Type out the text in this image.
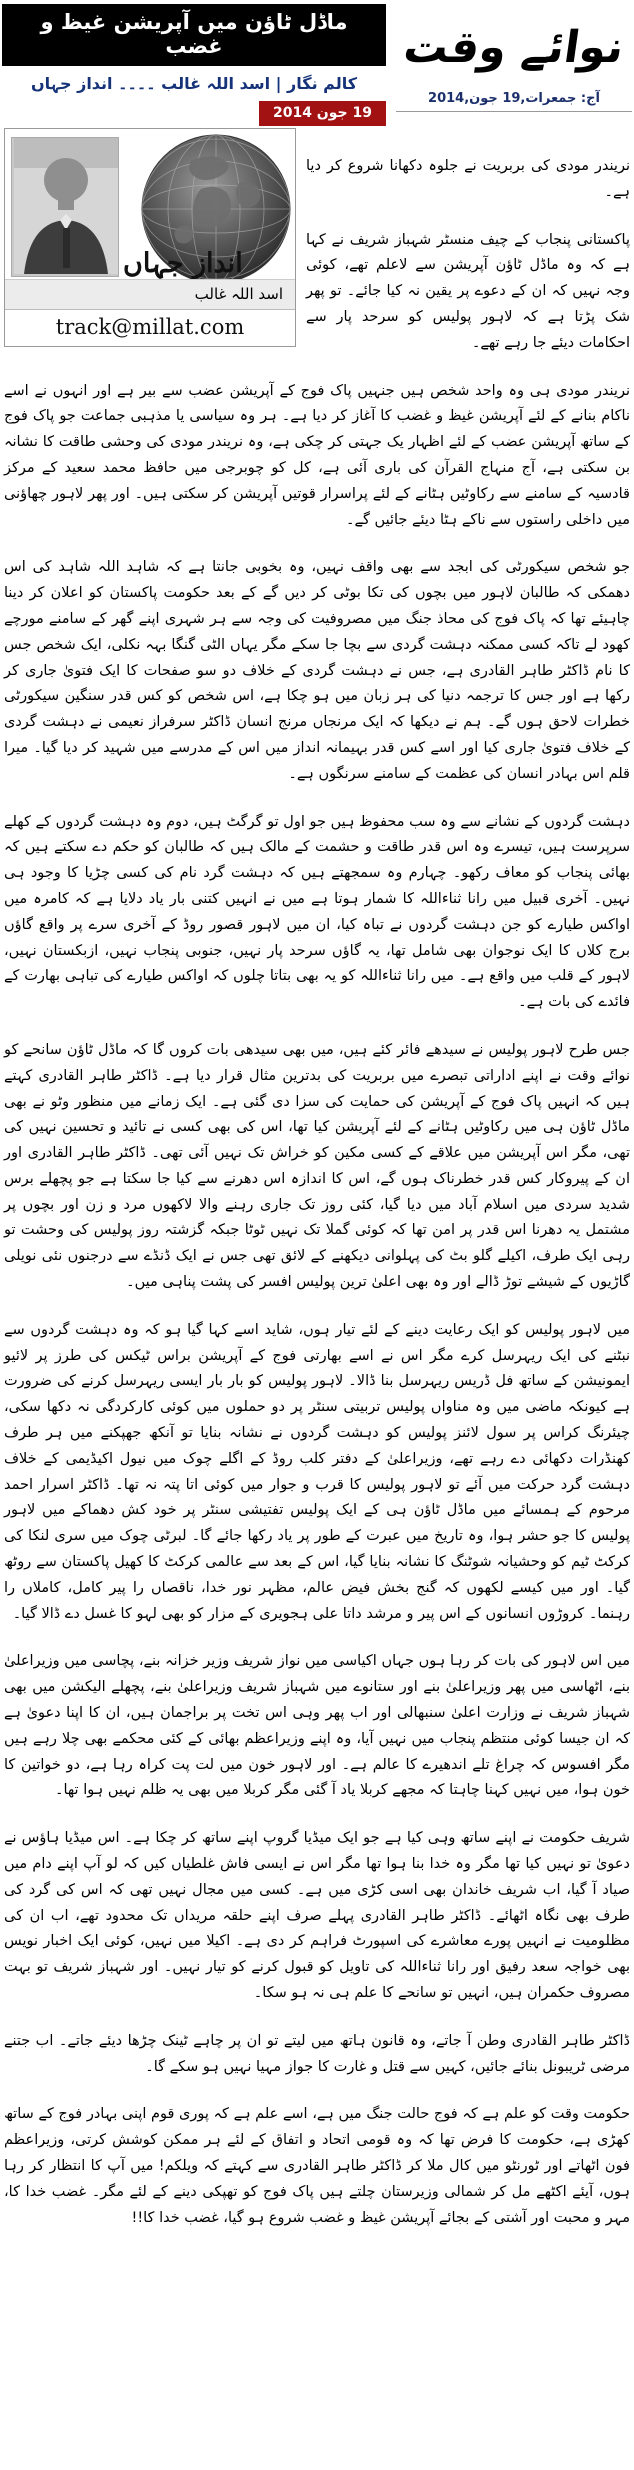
ماڈل ٹاؤن میں آپریشن غیظ و غضب
کالم نگار | اسد اللہ غالب ۔۔۔۔ انداز جہاں
19 جون 2014
نوائے وقت
آج: جمعرات,19 جون,2014
انداز جہاں
اسد اللہ غالب
track@millat.com

نریندر مودی کی بربریت نے جلوہ دکھانا شروع کر دیا ہے۔

پاکستانی پنجاب کے چیف منسٹر شہباز شریف نے کہا ہے کہ وہ ماڈل ٹاؤن آپریشن سے لاعلم تھے، کوئی وجہ نہیں کہ ان کے دعوے پر یقین نہ کیا جائے۔ تو پھر شک پڑتا ہے کہ لاہور پولیس کو سرحد پار سے احکامات دیئے جا رہے تھے۔

نریندر مودی ہی وہ واحد شخص ہیں جنہیں پاک فوج کے آپریشن عضب سے بیر ہے اور انہوں نے اسے ناکام بنانے کے لئے آپریشن غیظ و غضب کا آغاز کر دیا ہے۔ ہر وہ سیاسی یا مذہبی جماعت جو پاک فوج کے ساتھ آپریشن عضب کے لئے اظہار یک جہتی کر چکی ہے، وہ نریندر مودی کی وحشی طاقت کا نشانہ بن سکتی ہے، آج منہاج القرآن کی باری آئی ہے، کل کو چوبرجی میں حافظ محمد سعید کے مرکز قادسیہ کے سامنے سے رکاوٹیں ہٹانے کے لئے پراسرار قوتیں آپریشن کر سکتی ہیں۔ اور پھر لاہور چھاؤنی میں داخلی راستوں سے ناکے ہٹا دیئے جائیں گے۔

جو شخص سیکورٹی کی ابجد سے بھی واقف نہیں، وہ بخوبی جانتا ہے کہ شاہد اللہ شاہد کی اس دھمکی کہ طالبان لاہور میں بچوں کی تکا بوٹی کر دیں گے کے بعد حکومت پاکستان کو اعلان کر دینا چاہیئے تھا کہ پاک فوج کی محاذ جنگ میں مصروفیت کی وجہ سے ہر شہری اپنے گھر کے سامنے مورچے کھود لے تاکہ کسی ممکنہ دہشت گردی سے بچا جا سکے مگر یہاں الٹی گنگا بہہ نکلی، ایک شخص جس کا نام ڈاکٹر طاہر القادری ہے، جس نے دہشت گردی کے خلاف دو سو صفحات کا ایک فتویٰ جاری کر رکھا ہے اور جس کا ترجمہ دنیا کی ہر زبان میں ہو چکا ہے، اس شخص کو کس قدر سنگین سیکورٹی خطرات لاحق ہوں گے۔ ہم نے دیکھا کہ ایک مرنجاں مرنج انسان ڈاکٹر سرفراز نعیمی نے دہشت گردی کے خلاف فتویٰ جاری کیا اور اسے کس قدر بہیمانہ انداز میں اس کے مدرسے میں شہید کر دیا گیا۔ میرا قلم اس بہادر انسان کی عظمت کے سامنے سرنگوں ہے۔

دہشت گردوں کے نشانے سے وہ سب محفوظ ہیں جو اول تو گرگٹ ہیں، دوم وہ دہشت گردوں کے کھلے سرپرست ہیں، تیسرے وہ اس قدر طاقت و حشمت کے مالک ہیں کہ طالبان کو حکم دے سکتے ہیں کہ بھائی پنجاب کو معاف رکھو۔ چہارم وہ سمجھتے ہیں کہ دہشت گرد نام کی کسی چڑیا کا وجود ہی نہیں۔ آخری قبیل میں رانا ثناءاللہ کا شمار ہوتا ہے میں نے انہیں کتنی بار یاد دلایا ہے کہ کامرہ میں اواکس طیارے کو جن دہشت گردوں نے تباہ کیا، ان میں لاہور قصور روڈ کے آخری سرے پر واقع گاؤں برج کلاں کا ایک نوجوان بھی شامل تھا، یہ گاؤں سرحد پار نہیں، جنوبی پنجاب نہیں، ازبکستان نہیں، لاہور کے قلب میں واقع ہے۔ میں رانا ثناءاللہ کو یہ بھی بتاتا چلوں کہ اواکس طیارے کی تباہی بھارت کے فائدے کی بات ہے۔

جس طرح لاہور پولیس نے سیدھے فائر کئے ہیں، میں بھی سیدھی بات کروں گا کہ ماڈل ٹاؤن سانحے کو نوائے وقت نے اپنے اداراتی تبصرے میں بربریت کی بدترین مثال قرار دیا ہے۔ ڈاکٹر طاہر القادری کہتے ہیں کہ انہیں پاک فوج کے آپریشن کی حمایت کی سزا دی گئی ہے۔ ایک زمانے میں منظور وٹو نے بھی ماڈل ٹاؤن ہی میں رکاوٹیں ہٹانے کے لئے آپریشن کیا تھا، اس کی بھی کسی نے تائید و تحسین نہیں کی تھی، مگر اس آپریشن میں علاقے کے کسی مکین کو خراش تک نہیں آئی تھی۔ ڈاکٹر طاہر القادری اور ان کے پیروکار کس قدر خطرناک ہوں گے، اس کا اندازہ اس دھرنے سے کیا جا سکتا ہے جو پچھلے برس شدید سردی میں اسلام آباد میں دیا گیا، کئی روز تک جاری رہنے والا لاکھوں مرد و زن اور بچوں پر مشتمل یہ دھرنا اس قدر پر امن تھا کہ کوئی گملا تک نہیں ٹوٹا جبکہ گزشتہ روز پولیس کی وحشت تو رہی ایک طرف، اکیلے گلو بٹ کی پہلوانی دیکھنے کے لائق تھی جس نے ایک ڈنڈے سے درجنوں نئی نویلی گاڑیوں کے شیشے توڑ ڈالے اور وہ بھی اعلیٰ ترین پولیس افسر کی پشت پناہی میں۔

میں لاہور پولیس کو ایک رعایت دینے کے لئے تیار ہوں، شاید اسے کہا گیا ہو کہ وہ دہشت گردوں سے نبٹنے کی ایک ریہرسل کرے مگر اس نے اسے بھارتی فوج کے آپریشن براس ٹیکس کی طرز پر لائیو ایمونیشن کے ساتھ فل ڈریس ریہرسل بنا ڈالا۔ لاہور پولیس کو بار بار ایسی ریہرسل کرنے کی ضرورت ہے کیونکہ ماضی میں وہ مناواں پولیس تربیتی سنٹر پر دو حملوں میں کوئی کارکردگی نہ دکھا سکی، چیئرنگ کراس پر سول لائنز پولیس کو دہشت گردوں نے نشانہ بنایا تو آنکھ جھپکنے میں ہر طرف کھنڈرات دکھائی دے رہے تھے، وزیراعلیٰ کے دفتر کلب روڈ کے اگلے چوک میں نیول اکیڈیمی کے خلاف دہشت گرد حرکت میں آئے تو لاہور پولیس کا قرب و جوار میں کوئی اتا پتہ نہ تھا۔ ڈاکٹر اسرار احمد مرحوم کے ہمسائے میں ماڈل ٹاؤن ہی کے ایک پولیس تفتیشی سنٹر پر خود کش دھماکے میں لاہور پولیس کا جو حشر ہوا، وہ تاریخ میں عبرت کے طور پر یاد رکھا جائے گا۔ لبرٹی چوک میں سری لنکا کی کرکٹ ٹیم کو وحشیانہ شوٹنگ کا نشانہ بنایا گیا، اس کے بعد سے عالمی کرکٹ کا کھیل پاکستان سے روٹھ گیا۔ اور میں کیسے لکھوں کہ گنج بخش فیض عالم، مظہر نور خدا، ناقصاں را پیر کامل، کاملاں را رہنما۔ کروڑوں انسانوں کے اس پیر و مرشد داتا علی ہجویری کے مزار کو بھی لہو کا غسل دے ڈالا گیا۔

میں اس لاہور کی بات کر رہا ہوں جہاں اکیاسی میں نواز شریف وزیر خزانہ بنے، پچاسی میں وزیراعلیٰ بنے، اٹھاسی میں پھر وزیراعلیٰ بنے اور ستانوے میں شہباز شریف وزیراعلیٰ بنے، پچھلے الیکشن میں بھی شہباز شریف نے وزارت اعلیٰ سنبھالی اور اب پھر وہی اس تخت پر براجمان ہیں، ان کا اپنا دعویٰ ہے کہ ان جیسا کوئی منتظم پنجاب میں نہیں آیا، وہ اپنے وزیراعظم بھائی کے کئی محکمے بھی چلا رہے ہیں مگر افسوس کہ چراغ تلے اندھیرے کا عالم ہے۔ اور لاہور خون میں لت پت کراہ رہا ہے، دو خواتین کا خون ہوا، میں نہیں کہنا چاہتا کہ مجھے کربلا یاد آ گئی مگر کربلا میں بھی یہ ظلم نہیں ہوا تھا۔

شریف حکومت نے اپنے ساتھ وہی کیا ہے جو ایک میڈیا گروپ اپنے ساتھ کر چکا ہے۔ اس میڈیا ہاؤس نے دعویٰ تو نہیں کیا تھا مگر وہ خدا بنا ہوا تھا مگر اس نے ایسی فاش غلطیاں کیں کہ لو آپ اپنے دام میں صیاد آ گیا، اب شریف خاندان بھی اسی کڑی میں ہے۔ کسی میں مجال نہیں تھی کہ اس کی گرد کی طرف بھی نگاہ اٹھائے۔ ڈاکٹر طاہر القادری پہلے صرف اپنے حلقہ مریداں تک محدود تھے، اب ان کی مظلومیت نے انہیں پورے معاشرے کی اسپورٹ فراہم کر دی ہے۔ اکیلا میں نہیں، کوئی ایک اخبار نویس بھی خواجہ سعد رفیق اور رانا ثناءاللہ کی تاویل کو قبول کرنے کو تیار نہیں۔ اور شہباز شریف تو بہت مصروف حکمران ہیں، انہیں تو سانحے کا علم ہی نہ ہو سکا۔

ڈاکٹر طاہر القادری وطن آ جاتے، وہ قانون ہاتھ میں لیتے تو ان پر چاہے ٹینک چڑھا دیئے جاتے۔ اب جتنے مرضی ٹریبونل بنائے جائیں، کہیں سے قتل و غارت کا جواز مہیا نہیں ہو سکے گا۔

حکومت وقت کو علم ہے کہ فوج حالت جنگ میں ہے، اسے علم ہے کہ پوری قوم اپنی بہادر فوج کے ساتھ کھڑی ہے، حکومت کا فرض تھا کہ وہ قومی اتحاد و اتفاق کے لئے ہر ممکن کوشش کرتی، وزیراعظم فون اٹھاتے اور ٹورنٹو میں کال ملا کر ڈاکٹر طاہر القادری سے کہتے کہ ویلکم! میں آپ کا انتظار کر رہا ہوں، آیئے اکٹھے مل کر شمالی وزیرستان چلتے ہیں پاک فوج کو تھپکی دینے کے لئے مگر۔ غضب خدا کا، مہر و محبت اور آشتی کے بجائے آپریشن غیظ و غضب شروع ہو گیا، غضب خدا کا!!
